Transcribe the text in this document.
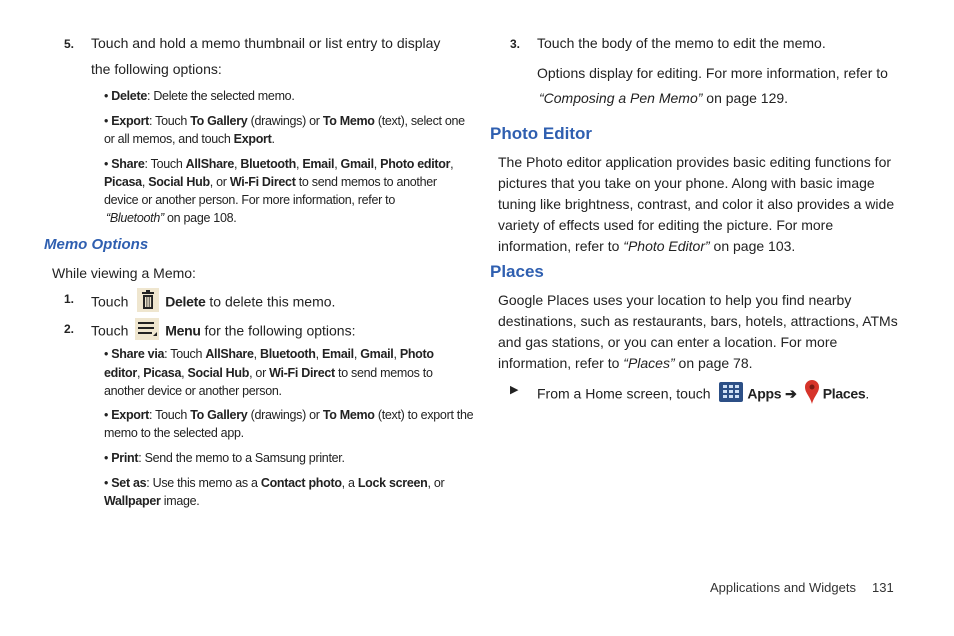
5. Touch and hold a memo thumbnail or list entry to display
the following options:
• Delete: Delete the selected memo.
• Export: Touch To Gallery (drawings) or To Memo (text), select one
or all memos, and touch Export.
• Share: Touch AllShare, Bluetooth, Email, Gmail, Photo editor,
Picasa, Social Hub, or Wi-Fi Direct to send memos to another
device or another person. For more information, refer to
“Bluetooth” on page 108.
Memo Options
While viewing a Memo:
1. Touch	Delete to delete this memo.
2. Touch	Menu for the following options:
• Share via: Touch AllShare, Bluetooth, Email, Gmail, Photo
editor, Picasa, Social Hub, or Wi-Fi Direct to send memos to
another device or another person.
• Export: Touch To Gallery (drawings) or To Memo (text) to export the
memo to the selected app.
• Print: Send the memo to a Samsung printer.
• Set as: Use this memo as a Contact photo, a Lock screen, or
Wallpaper image.
3. Touch the body of the memo to edit the memo.
Options display for editing. For more information, refer to
“Composing a Pen Memo” on page 129.
Photo Editor
The Photo editor application provides basic editing functions for
pictures that you take on your phone. Along with basic image
tuning like brightness, contrast, and color it also provides a wide
variety of effects used for editing the picture. For more
information, refer to “Photo Editor” on page 103.
Places
Google Places uses your location to help you find nearby
destinations, such as restaurants, bars, hotels, attractions, ATMs
and gas stations, or you can enter a location. For more
information, refer to “Places” on page 78.
▶ From a Home screen, touch	Apps ➔ Places.
Applications and Widgets 131
